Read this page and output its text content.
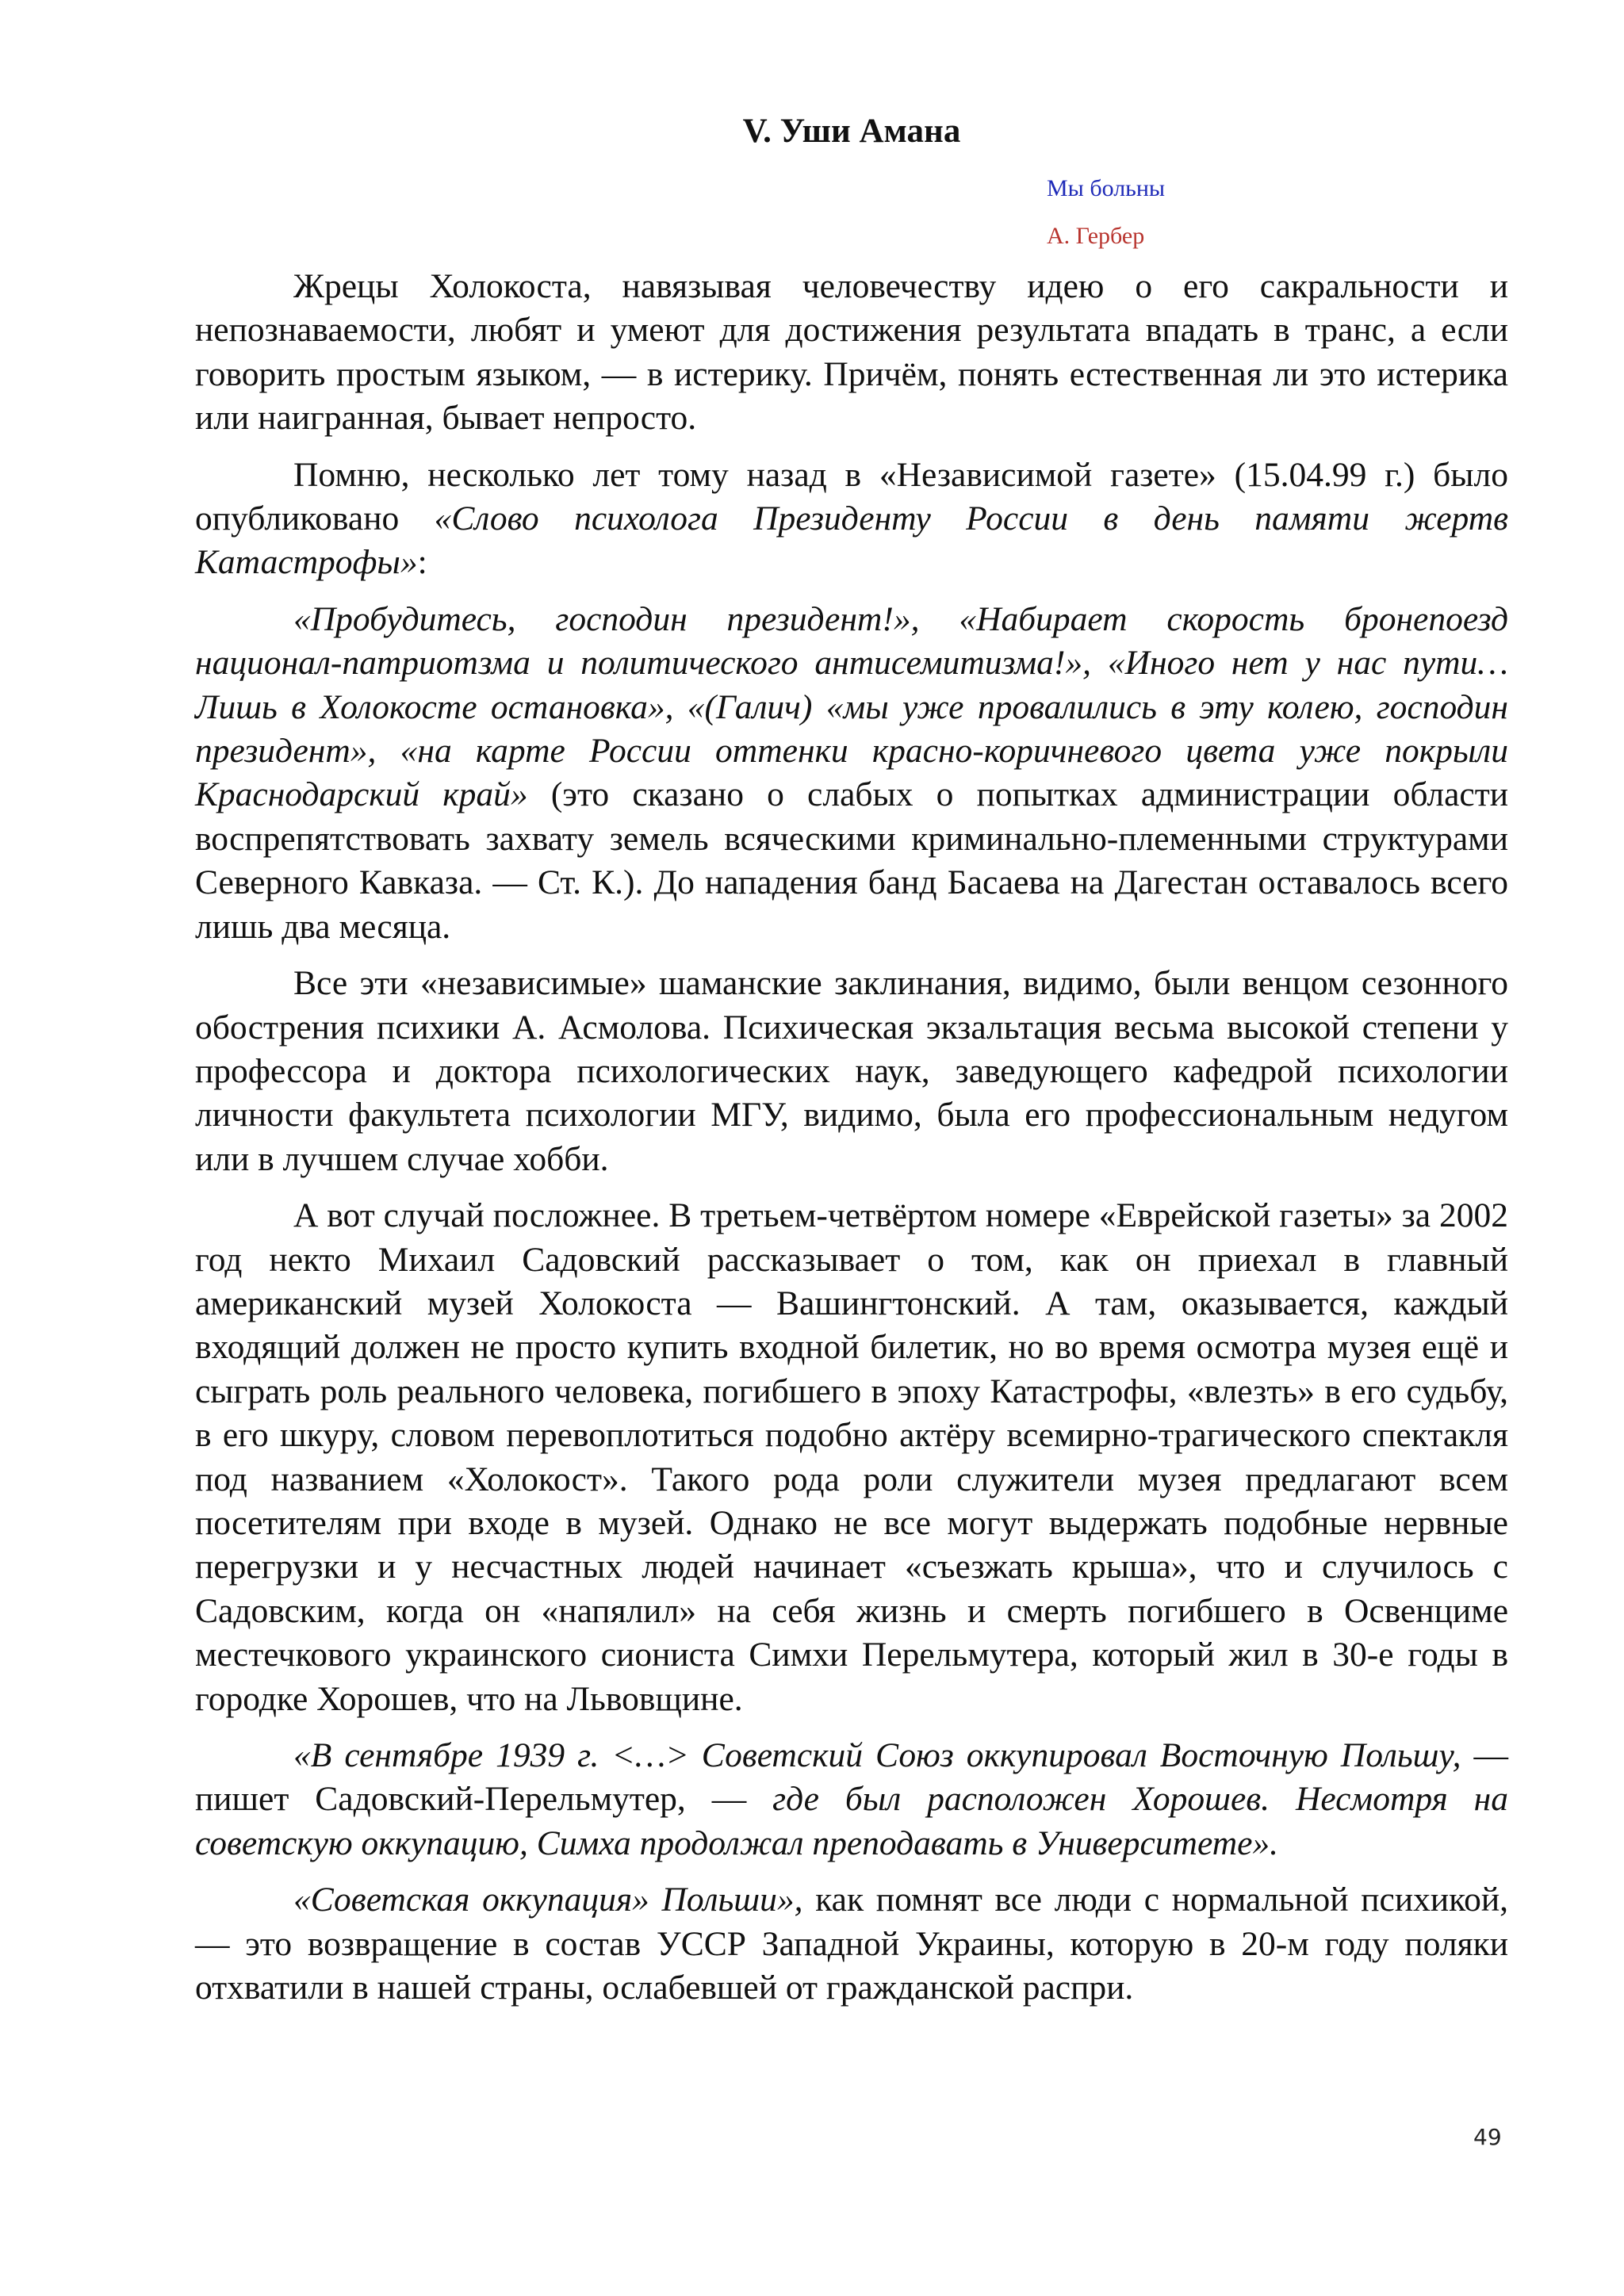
V. Уши Амана
Мы больны
А. Гербер

Жрецы Холокоста, навязывая человечеству идею о его сакральности и непознаваемости, любят и умеют для достижения результата впадать в транс, а если говорить простым языком, — в истерику. Причём, понять естественная ли это истерика или наигранная, бывает непросто.

Помню, несколько лет тому назад в «Независимой газете» (15.04.99 г.) было опубликовано «Слово психолога Президенту России в день памяти жертв Катастрофы»:

«Пробудитесь, господин президент!», «Набирает скорость бронепоезд национал-патриотзма и политического антисемитизма!», «Иного нет у нас пути… Лишь в Холокосте остановка», «(Галич) «мы уже провалились в эту колею, господин президент», «на карте России оттенки красно-коричневого цвета уже покрыли Краснодарский край» (это сказано о слабых о попытках администрации области воспрепятствовать захвату земель всяческими криминально-племенными структурами Северного Кавказа. — Ст. К.). До нападения банд Басаева на Дагестан оставалось всего лишь два месяца.

Все эти «независимые» шаманские заклинания, видимо, были венцом сезонного обострения психики А. Асмолова. Психическая экзальтация весьма высокой степени у профессора и доктора психологических наук, заведующего кафедрой психологии личности факультета психологии МГУ, видимо, была его профессиональным недугом или в лучшем случае хобби.

А вот случай посложнее. В третьем-четвёртом номере «Еврейской газеты» за 2002 год некто Михаил Садовский рассказывает о том, как он приехал в главный американский музей Холокоста — Вашингтонский. А там, оказывается, каждый входящий должен не просто купить входной билетик, но во время осмотра музея ещё и сыграть роль реального человека, погибшего в эпоху Катастрофы, «влезть» в его судьбу, в его шкуру, словом перевоплотиться подобно актёру всемирно-трагического спектакля под названием «Холокост». Такого рода роли служители музея предлагают всем посетителям при входе в музей. Однако не все могут выдержать подобные нервные перегрузки и у несчастных людей начинает «съезжать крыша», что и случилось с Садовским, когда он «напялил» на себя жизнь и смерть погибшего в Освенциме местечкового украинского сиониста Симхи Перельмутера, который жил в 30-е годы в городке Хорошев, что на Львовщине.

«В сентябре 1939 г. <…> Советский Союз оккупировал Восточную Польшу, — пишет Садовский-Перельмутер, — где был расположен Хорошев. Несмотря на советскую оккупацию, Симха продолжал преподавать в Университете».

«Советская оккупация» Польши», как помнят все люди с нормальной психикой, — это возвращение в состав УССР Западной Украины, которую в 20-м году поляки отхватили в нашей страны, ослабевшей от гражданской распри.

49
